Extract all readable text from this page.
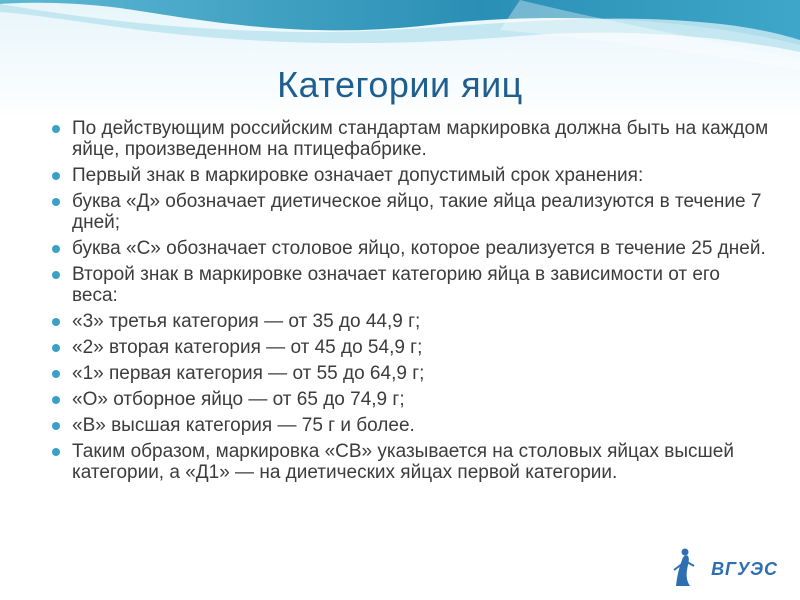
Категории яиц
По действующим российским стандартам маркировка должна быть на каждом яйце, произведенном на птицефабрике.
Первый знак в маркировке означает допустимый срок хранения:
буква «Д» обозначает диетическое яйцо, такие яйца реализуются в течение 7 дней;
буква «С» обозначает столовое яйцо, которое реализуется в течение 25 дней.
Второй знак в маркировке означает категорию яйца в зависимости от его веса:
«3» третья категория — от 35 до 44,9 г;
«2» вторая категория — от 45 до 54,9 г;
«1» первая категория — от 55 до 64,9 г;
«О» отборное яйцо — от 65 до 74,9 г;
«В» высшая категория — 75 г и более.
Таким образом, маркировка «СВ» указывается на столовых яйцах высшей категории, а «Д1» — на диетических яйцах первой категории.
ВГУЭС
